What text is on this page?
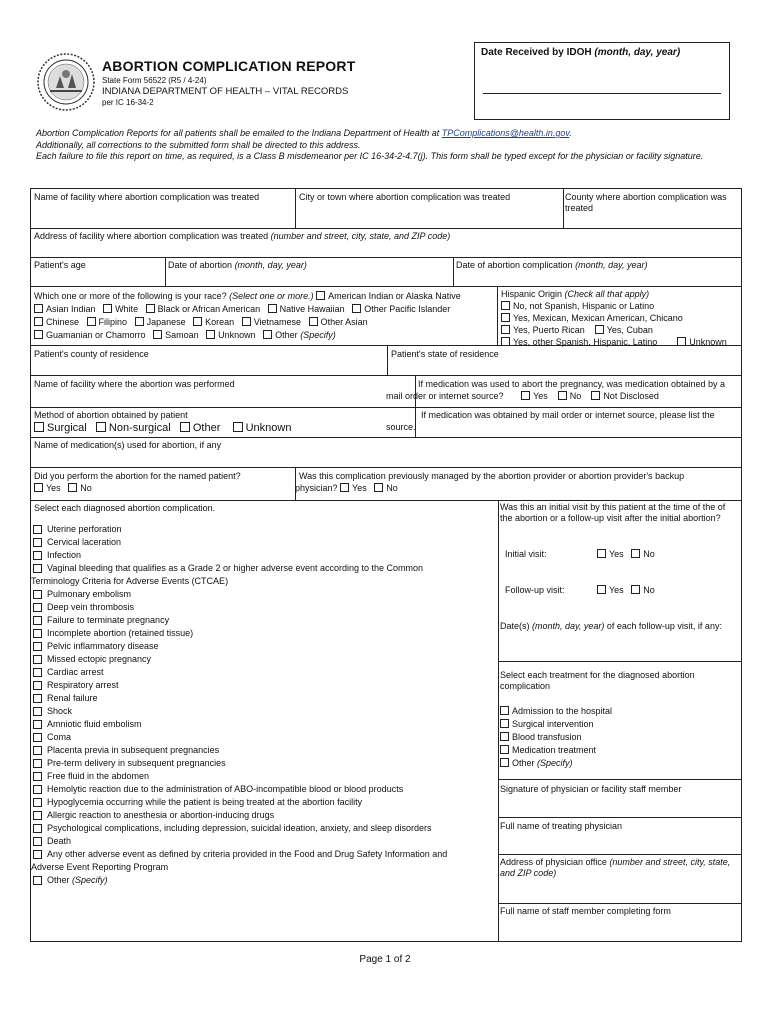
ABORTION COMPLICATION REPORT
State Form 56522 (R5 / 4-24)
INDIANA DEPARTMENT OF HEALTH – VITAL RECORDS
per IC 16-34-2
Date Received by IDOH (month, day, year)
Abortion Complication Reports for all patients shall be emailed to the Indiana Department of Health at TPComplications@health.in.gov.
Additionally, all corrections to the submitted form shall be directed to this address.
Each failure to file this report on time, as required, is a Class B misdemeanor per IC 16-34-2-4.7(j). This form shall be typed except for the physician or facility signature.
Name of facility where abortion complication was treated	City or town where abortion complication was treated	County where abortion complication was treated
Address of facility where abortion complication was treated (number and street, city, state, and ZIP code)
Patient's age	Date of abortion (month, day, year)	Date of abortion complication (month, day, year)
Which one or more of the following is your race? (Select one or more.) American Indian or Alaska Native
Asian Indian White Black or African American Native Hawaiian Other Pacific Islander
Chinese Filipino Japanese Korean Vietnamese Other Asian
Guamanian or Chamorro Samoan Unknown Other (Specify)
Hispanic Origin (Check all that apply)
No, not Spanish, Hispanic or Latino
Yes, Mexican, Mexican American, Chicano
Yes, Puerto Rican Yes, Cuban
Yes, other Spanish, Hispanic, Latino	Unknown
Patient's county of residence	Patient's state of residence
Name of facility where the abortion was performed	If medication was used to abort the pregnancy, was medication obtained by a
mail order or internet source?	Yes No Not Disclosed
Method of abortion obtained by patient
Surgical Non-surgical Other Unknown
If medication was obtained by mail order or internet source, please list the
source.
Name of medication(s) used for abortion, if any
Did you perform the abortion for the named patient?
Yes No
Was this complication previously managed by the abortion provider or abortion provider's backup
physician? Yes No
Select each diagnosed abortion complication.
Uterine perforation
Cervical laceration
Infection
Vaginal bleeding that qualifies as a Grade 2 or higher adverse event according to the Common
Terminology Criteria for Adverse Events (CTCAE)
Pulmonary embolism
Deep vein thrombosis
Failure to terminate pregnancy
Incomplete abortion (retained tissue)
Pelvic inflammatory disease
Missed ectopic pregnancy
Cardiac arrest
Respiratory arrest
Renal failure
Shock
Amniotic fluid embolism
Coma
Placenta previa in subsequent pregnancies
Pre-term delivery in subsequent pregnancies
Free fluid in the abdomen
Hemolytic reaction due to the administration of ABO-incompatible blood or blood products
Hypoglycemia occurring while the patient is being treated at the abortion facility
Allergic reaction to anesthesia or abortion-inducing drugs
Psychological complications, including depression, suicidal ideation, anxiety, and sleep disorders
Death
Any other adverse event as defined by criteria provided in the Food and Drug Safety Information and
Adverse Event Reporting Program
Other (Specify)
Was this an initial visit by this patient at the time of the of the abortion or a follow-up visit after the initial abortion?
Initial visit:	Yes No
Follow-up visit:	Yes No
Date(s) (month, day, year) of each follow-up visit, if any:
Select each treatment for the diagnosed abortion complication
Admission to the hospital
Surgical intervention
Blood transfusion
Medication treatment
Other (Specify)
Signature of physician or facility staff member
Full name of treating physician
Address of physician office (number and street, city, state, and ZIP code)
Full name of staff member completing form
Page 1 of 2
